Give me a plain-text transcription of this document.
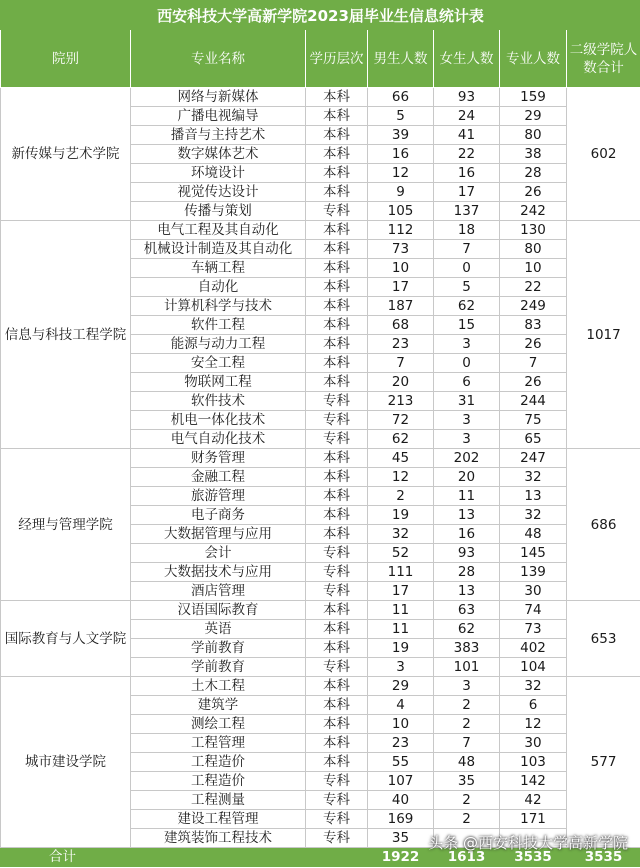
西安科技大学高新学院2023届毕业生信息统计表						
院别	专业名称	学历层次	男生人数	女生人数	专业人数	二级学院人数合计
新传媒与艺术学院	网络与新媒体	本科	66	93	159	602
	广播电视编导	本科	5	24	29	
	播音与主持艺术	本科	39	41	80	
	数字媒体艺术	本科	16	22	38	
	环境设计	本科	12	16	28	
	视觉传达设计	本科	9	17	26	
	传播与策划	专科	105	137	242	
信息与科技工程学院	电气工程及其自动化	本科	112	18	130	1017
	机械设计制造及其自动化	本科	73	7	80	
	车辆工程	本科	10	0	10	
	自动化	本科	17	5	22	
	计算机科学与技术	本科	187	62	249	
	软件工程	本科	68	15	83	
	能源与动力工程	本科	23	3	26	
	安全工程	本科	7	0	7	
	物联网工程	本科	20	6	26	
	软件技术	专科	213	31	244	
	机电一体化技术	专科	72	3	75	
	电气自动化技术	专科	62	3	65	
经理与管理学院	财务管理	本科	45	202	247	686
	金融工程	本科	12	20	32	
	旅游管理	本科	2	11	13	
	电子商务	本科	19	13	32	
	大数据管理与应用	本科	32	16	48	
	会计	专科	52	93	145	
	大数据技术与应用	专科	111	28	139	
	酒店管理	专科	17	13	30	
国际教育与人文学院	汉语国际教育	本科	11	63	74	653
	英语	本科	11	62	73	
	学前教育	本科	19	383	402	
	学前教育	专科	3	101	104	
城市建设学院	土木工程	本科	29	3	32	577
	建筑学	本科	4	2	6	
	测绘工程	本科	10	2	12	
	工程管理	本科	23	7	30	
	工程造价	本科	55	48	103	
	工程造价	专科	107	35	142	
	工程测量	专科	40	2	42	
	建设工程管理	专科	169	2	171	
	建筑装饰工程技术	专科	35			
合计			1922	1613	3535	3535
头条 @西安科技大学高新学院
